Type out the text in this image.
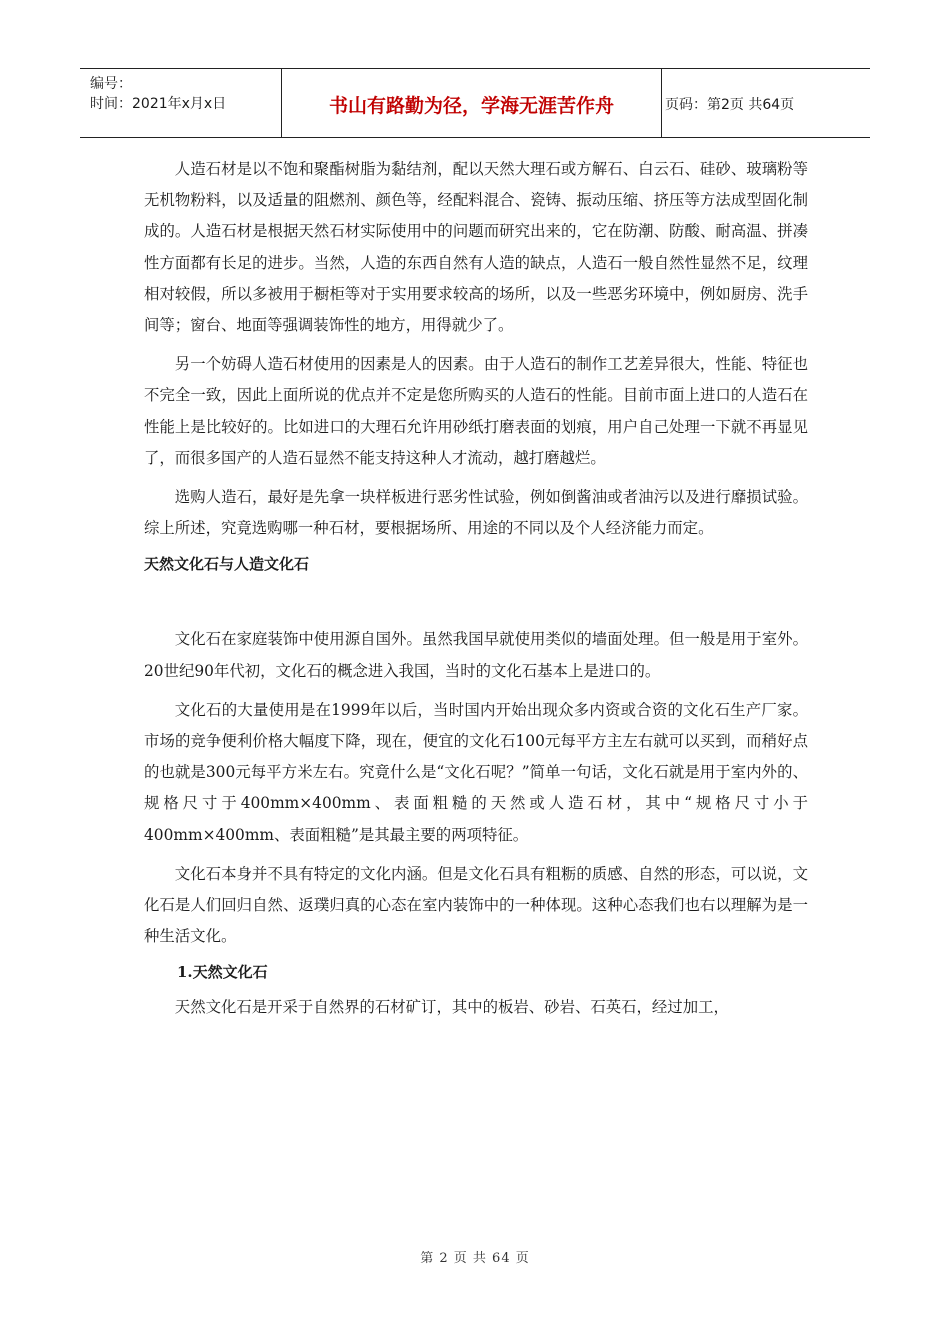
编号：
时间：2021年x月x日	书山有路勤为径，学海无涯苦作舟	页码：第2页 共64页

人造石材是以不饱和聚酯树脂为黏结剂，配以天然大理石或方解石、白云石、硅砂、玻璃粉等无机物粉料，以及适量的阻燃剂、颜色等，经配料混合、瓷铸、振动压缩、挤压等方法成型固化制成的。人造石材是根据天然石材实际使用中的问题而研究出来的，它在防潮、防酸、耐高温、拼凑性方面都有长足的进步。当然，人造的东西自然有人造的缺点，人造石一般自然性显然不足，纹理相对较假，所以多被用于橱柜等对于实用要求较高的场所，以及一些恶劣环境中，例如厨房、洗手间等；窗台、地面等强调装饰性的地方，用得就少了。

另一个妨碍人造石材使用的因素是人的因素。由于人造石的制作工艺差异很大，性能、特征也不完全一致，因此上面所说的优点并不定是您所购买的人造石的性能。目前市面上进口的人造石在性能上是比较好的。比如进口的大理石允许用砂纸打磨表面的划痕，用户自己处理一下就不再显见了，而很多国产的人造石显然不能支持这种人才流动，越打磨越烂。

选购人造石，最好是先拿一块样板进行恶劣性试验，例如倒酱油或者油污以及进行靡损试验。综上所述，究竟选购哪一种石材，要根据场所、用途的不同以及个人经济能力而定。

天然文化石与人造文化石

文化石在家庭装饰中使用源自国外。虽然我国早就使用类似的墙面处理。但一般是用于室外。20世纪90年代初，文化石的概念进入我国，当时的文化石基本上是进口的。

文化石的大量使用是在1999年以后，当时国内开始出现众多内资或合资的文化石生产厂家。市场的竞争便利价格大幅度下降，现在，便宜的文化石100元每平方主左右就可以买到，而稍好点的也就是300元每平方米左右。究竟什么是“文化石呢？”简单一句话，文化石就是用于室内外的、规格尺寸于400mm×400mm、表面粗糙的天然或人造石材，其中“规格尺寸小于400mm×400mm、表面粗糙”是其最主要的两项特征。

文化石本身并不具有特定的文化内涵。但是文化石具有粗粝的质感、自然的形态，可以说，文化石是人们回归自然、返璞归真的心态在室内装饰中的一种体现。这种心态我们也右以理解为是一种生活文化。

1.天然文化石

天然文化石是开采于自然界的石材矿订，其中的板岩、砂岩、石英石，经过加工，

第 2 页 共 64 页
